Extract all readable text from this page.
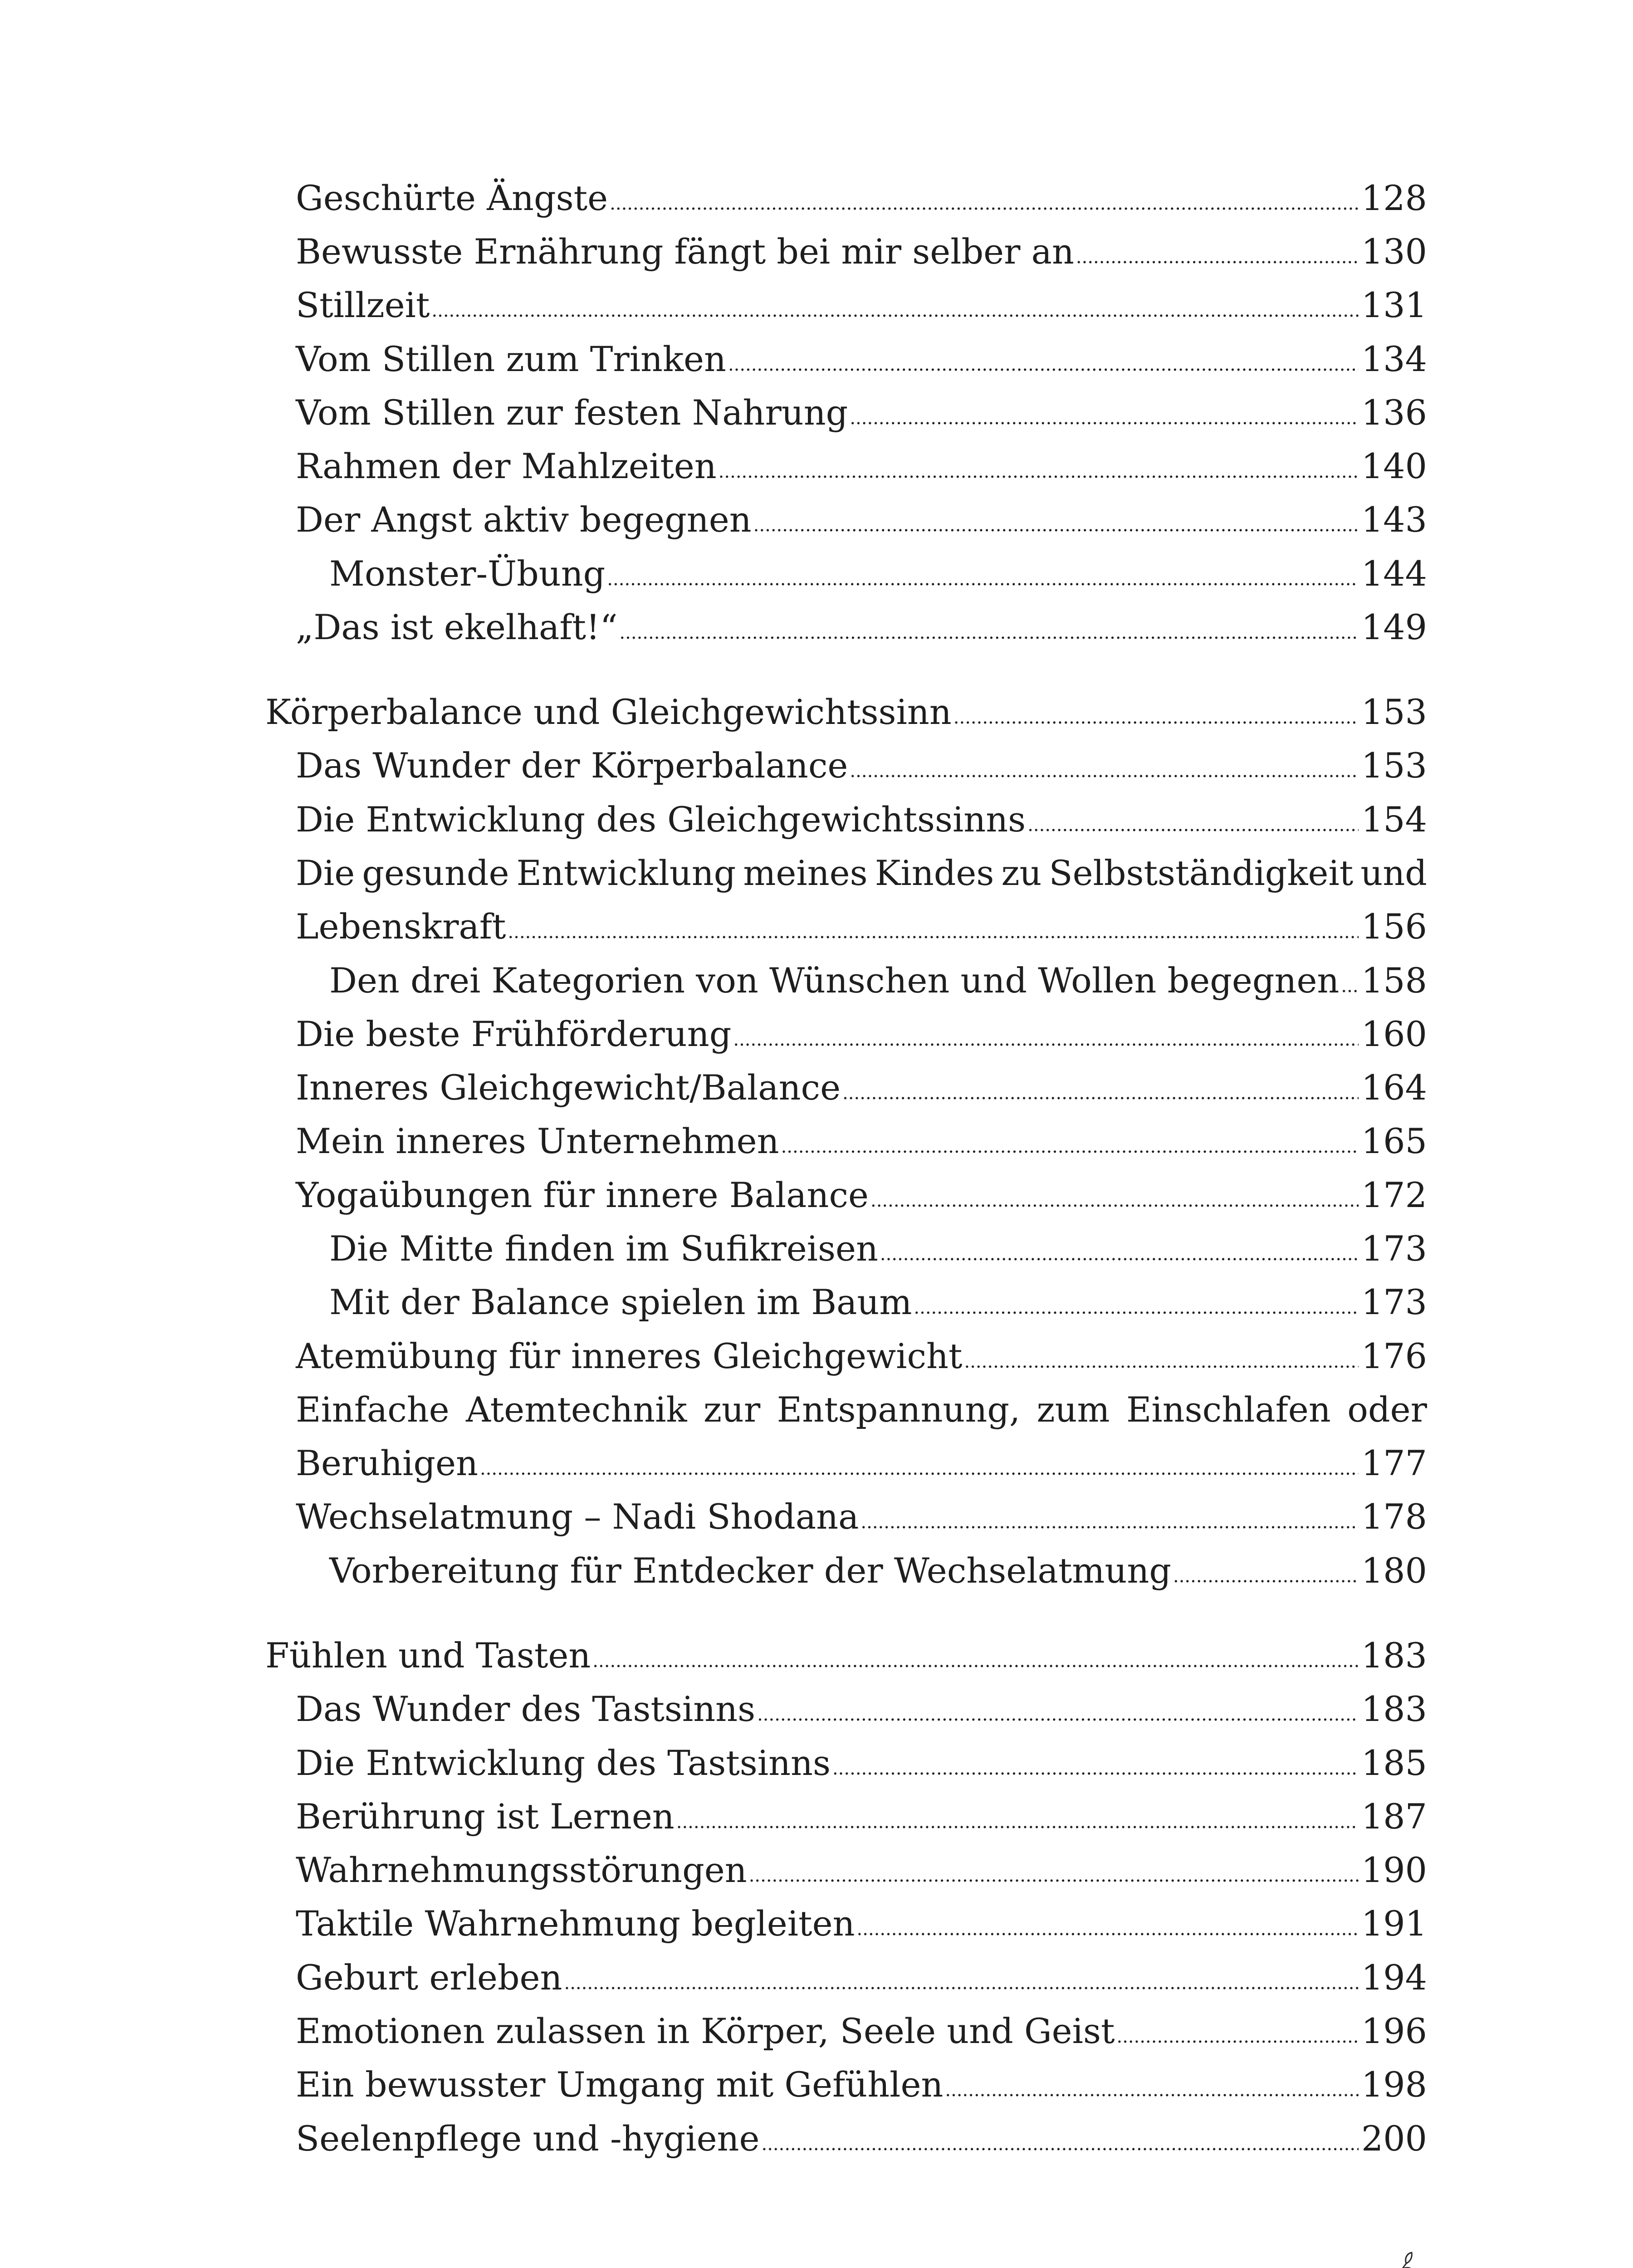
Geschürte Ängste .....	128
Bewusste Ernährung fängt bei mir selber an .....	130
Stillzeit .....	131
Vom Stillen zum Trinken .....	134
Vom Stillen zur festen Nahrung .....	136
Rahmen der Mahlzeiten .....	140
Der Angst aktiv begegnen .....	143
Monster-Übung .....	144
„Das ist ekelhaft!“ .....	149
Körperbalance und Gleichgewichtssinn .....	153
Das Wunder der Körperbalance .....	153
Die Entwicklung des Gleichgewichtssinns .....	154
Die gesunde Entwicklung meines Kindes zu Selbstständigkeit und
Lebenskraft .....	156
Den drei Kategorien von Wünschen und Wollen begegnen ..... 158
Die beste Frühförderung .....	160
Inneres Gleichgewicht/Balance .....	164
Mein inneres Unternehmen .....	165
Yogaübungen für innere Balance .....	172
Die Mitte finden im Sufikreisen .....	173
Mit der Balance spielen im Baum .....	173
Atemübung für inneres Gleichgewicht .....	176
Einfache Atemtechnik zur Entspannung, zum Einschlafen oder
Beruhigen .....	177
Wechselatmung – Nadi Shodana .....	178
Vorbereitung für Entdecker der Wechselatmung .....	180
Fühlen und Tasten .....	183
Das Wunder des Tastsinns .....	183
Die Entwicklung des Tastsinns .....	185
Berührung ist Lernen .....	187
Wahrnehmungsstörungen .....	190
Taktile Wahrnehmung begleiten .....	191
Geburt erleben .....	194
Emotionen zulassen in Körper, Seele und Geist .....	196
Ein bewusster Umgang mit Gefühlen .....	198
Seelenpflege und -hygiene .....	200
